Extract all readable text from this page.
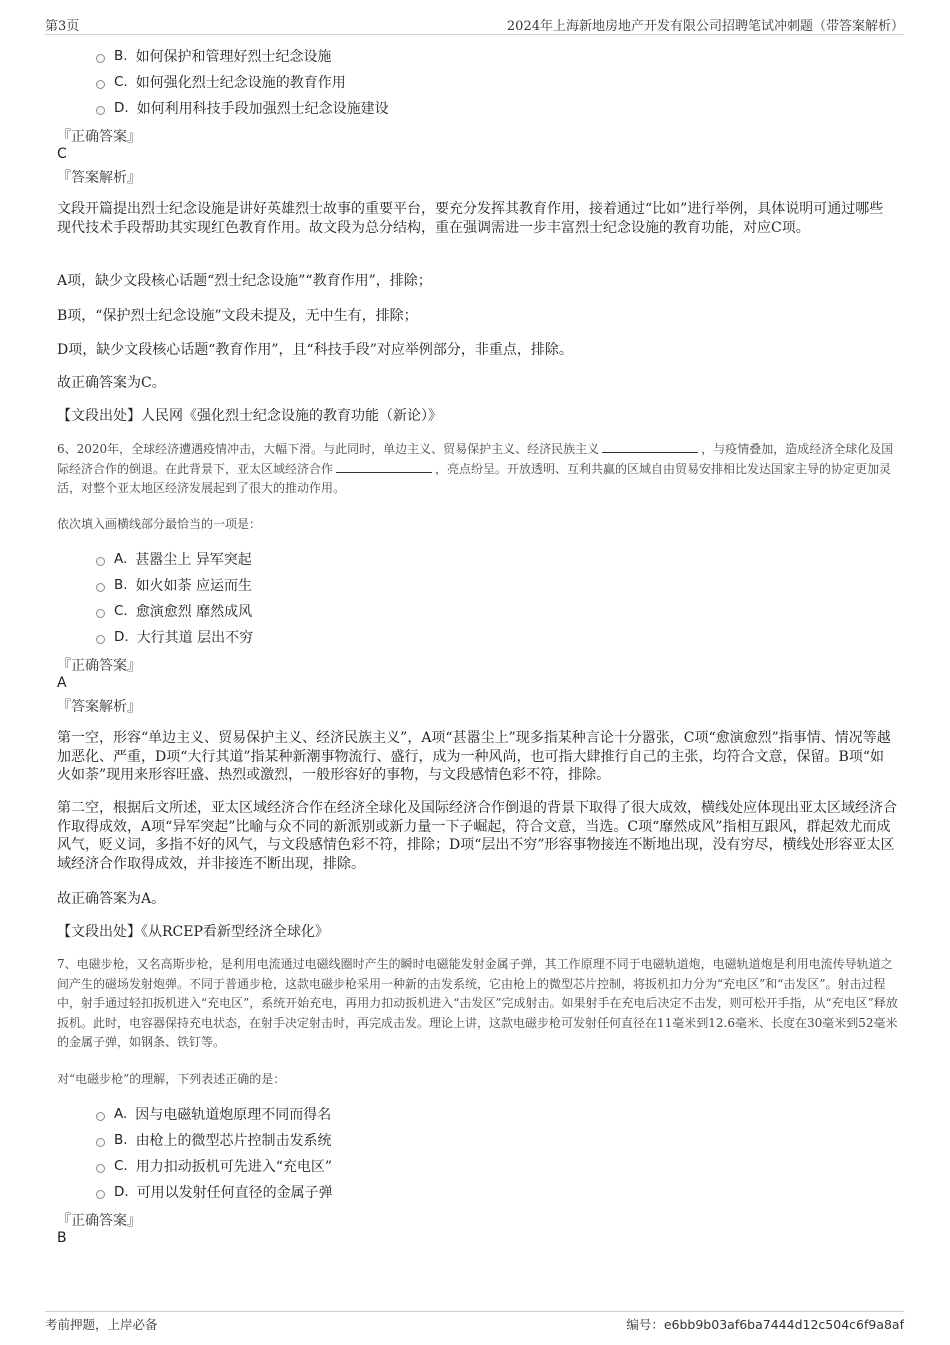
第3页	2024年上海新地房地产开发有限公司招聘笔试冲刺题（带答案解析）
B. 如何保护和管理好烈士纪念设施
C. 如何强化烈士纪念设施的教育作用
D. 如何利用科技手段加强烈士纪念设施建设
『正确答案』
C
『答案解析』

文段开篇提出烈士纪念设施是讲好英雄烈士故事的重要平台，要充分发挥其教育作用，接着通过“比如”进行举例，具体说明可通过哪些现代技术手段帮助其实现红色教育作用。故文段为总分结构，重在强调需进一步丰富烈士纪念设施的教育功能，对应C项。

A项，缺少文段核心话题“烈士纪念设施”“教育作用”，排除；

B项，“保护烈士纪念设施”文段未提及，无中生有，排除；

D项，缺少文段核心话题“教育作用”，且“科技手段”对应举例部分，非重点，排除。

故正确答案为C。

【文段出处】人民网《强化烈士纪念设施的教育功能（新论）》

6、2020年，全球经济遭遇疫情冲击，大幅下滑。与此同时，单边主义、贸易保护主义、经济民族主义	，与疫情叠加，造成经济全球化及国际经济合作的倒退。在此背景下，亚太区域经济合作	，亮点纷呈。开放透明、互利共赢的区域自由贸易安排相比发达国家主导的协定更加灵活，对整个亚太地区经济发展起到了很大的推动作用。

依次填入画横线部分最恰当的一项是：
A. 甚嚣尘上 异军突起
B. 如火如荼 应运而生
C. 愈演愈烈 靡然成风
D. 大行其道 层出不穷
『正确答案』
A
『答案解析』

第一空，形容“单边主义、贸易保护主义、经济民族主义”，A项“甚嚣尘上”现多指某种言论十分嚣张，C项“愈演愈烈”指事情、情况等越加恶化、严重，D项“大行其道”指某种新潮事物流行、盛行，成为一种风尚，也可指大肆推行自己的主张，均符合文意，保留。B项“如火如荼”现用来形容旺盛、热烈或激烈，一般形容好的事物，与文段感情色彩不符，排除。

第二空，根据后文所述，亚太区域经济合作在经济全球化及国际经济合作倒退的背景下取得了很大成效，横线处应体现出亚太区域经济合作取得成效，A项“异军突起”比喻与众不同的新派别或新力量一下子崛起，符合文意，当选。C项“靡然成风”指相互跟风，群起效尤而成风气，贬义词，多指不好的风气，与文段感情色彩不符，排除；D项“层出不穷”形容事物接连不断地出现，没有穷尽，横线处形容亚太区域经济合作取得成效，并非接连不断出现，排除。

故正确答案为A。

【文段出处】《从RCEP看新型经济全球化》

7、电磁步枪，又名高斯步枪，是利用电流通过电磁线圈时产生的瞬时电磁能发射金属子弹，其工作原理不同于电磁轨道炮，电磁轨道炮是利用电流传导轨道之间产生的磁场发射炮弹。不同于普通步枪，这款电磁步枪采用一种新的击发系统，它由枪上的微型芯片控制，将扳机扣力分为“充电区”和“击发区”。射击过程中，射手通过轻扣扳机进入“充电区”，系统开始充电，再用力扣动扳机进入“击发区”完成射击。如果射手在充电后决定不击发，则可松开手指，从“充电区”释放扳机。此时，电容器保持充电状态，在射手决定射击时，再完成击发。理论上讲，这款电磁步枪可发射任何直径在11毫米到12.6毫米、长度在30毫米到52毫米的金属子弹，如钢条、铁钉等。

对“电磁步枪”的理解，下列表述正确的是：
A. 因与电磁轨道炮原理不同而得名
B. 由枪上的微型芯片控制击发系统
C. 用力扣动扳机可先进入“充电区”
D. 可用以发射任何直径的金属子弹
『正确答案』
B
考前押题，上岸必备	编号：e6bb9b03af6ba7444d12c504c6f9a8af
